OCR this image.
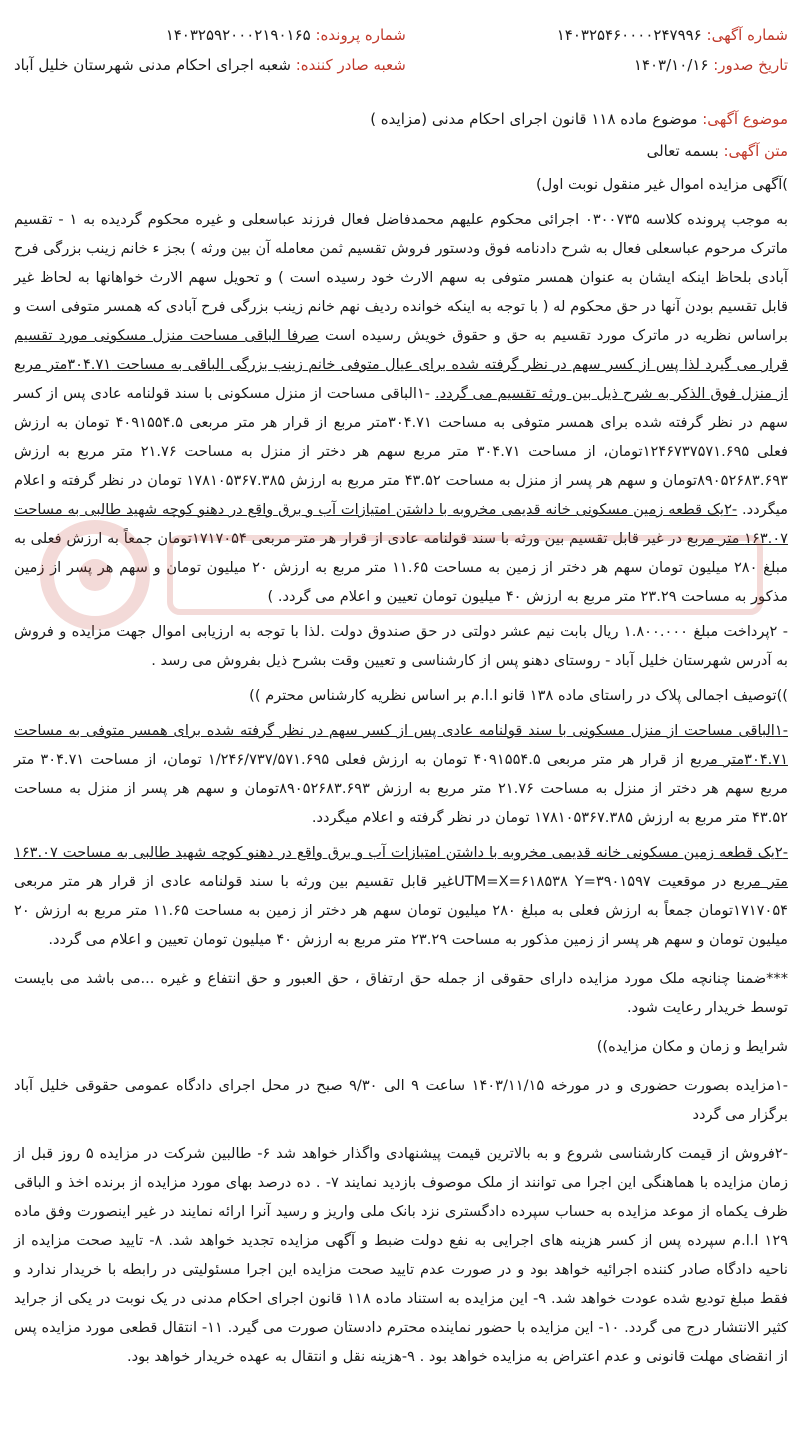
شماره آگهی: ۱۴۰۳۲۵۴۶۰۰۰۰۲۴۷۹۹۶
شماره پرونده: ۱۴۰۳۲۵۹۲۰۰۰۲۱۹۰۱۶۵
تاریخ صدور: ۱۴۰۳/۱۰/۱۶
شعبه صادر کننده: شعبه اجرای احکام مدنی شهرستان خلیل آباد
موضوع آگهی: موضوع ماده ۱۱۸ قانون اجرای احکام مدنی (مزایده )
متن آگهی: بسمه تعالی

)آگهی مزایده اموال غیر منقول نوبت اول)

به موجب پرونده کلاسه ۰۳۰۰۷۳۵ اجرائی محکوم علیهم محمدفاضل فعال فرزند عباسعلی و غیره محکوم گردیده به ۱ - تقسیم ماترک مرحوم عباسعلی فعال به شرح دادنامه فوق ودستور فروش تقسیم ثمن معامله آن بین ورثه ) بجز ء خانم زینب بزرگی فرح آبادی بلحاظ اینکه ایشان به عنوان همسر متوفی به سهم الارث خود رسیده است ) و تحویل سهم الارث خواهانها به لحاظ غیر قابل تقسیم بودن آنها در حق محکوم له ( با توجه به اینکه خوانده ردیف نهم خانم زینب بزرگی فرح آبادی که همسر متوفی است و براساس نظریه در ماترک مورد تقسیم به حق و حقوق خویش رسیده است صرفا الباقی مساحت منزل مسکونی مورد تقسیم قرار می گیرد لذا پس از کسر سهم در نظر گرفته شده برای عیال متوفی خانم زینب بزرگی الباقی به مساحت ۳۰۴.۷۱متر مربع از منزل فوق الذکر به شرح ذیل بین ورثه تقسیم می گردد. -۱الباقی مساحت از منزل مسکونی با سند قولنامه عادی پس از کسر سهم در نظر گرفته شده برای همسر متوفی به مساحت ۳۰۴.۷۱متر مربع از قرار هر متر مربعی ۴۰۹۱۵۵۴.۵ تومان به ارزش فعلی ۱۲۴۶۷۳۷۵۷۱.۶۹۵تومان، از مساحت ۳۰۴.۷۱ متر مربع سهم هر دختر از منزل به مساحت ۲۱.۷۶ متر مربع به ارزش ۸۹۰۵۲۶۸۳.۶۹۳تومان و سهم هر پسر از منزل به مساحت ۴۳.۵۲ متر مربع به ارزش ۱۷۸۱۰۵۳۶۷.۳۸۵ تومان در نظر گرفته و اعلام میگردد. -۲یک قطعه زمین مسکونی خانه قدیمی مخروبه با داشتن امتیازات آب و برق واقع در دهنو کوچه شهید طالبی به مساحت ۱۶۳.۰۷ متر مربع در غیر قابل تقسیم بین ورثه با سند قولنامه عادی از قرار هر متر مربعی ۱۷۱۷۰۵۴تومان جمعاً به ارزش فعلی به مبلغ ۲۸۰ میلیون تومان سهم هر دختر از زمین به مساحت ۱۱.۶۵ متر مربع به ارزش ۲۰ میلیون تومان و سهم هر پسر از زمین مذکور به مساحت ۲۳.۲۹ متر مربع به ارزش ۴۰ میلیون تومان تعیین و اعلام می گردد. )

- ۲پرداخت مبلغ ۱.۸۰۰.۰۰۰ ریال بابت نیم عشر دولتی در حق صندوق دولت .لذا با توجه به ارزیابی اموال جهت مزایده و فروش به آدرس شهرستان خلیل آباد - روستای دهنو پس از کارشناسی و تعیین وقت بشرح ذیل بفروش می رسد .

))توصیف اجمالی پلاک در راستای ماده ۱۳۸ قانو ا.ا.م بر اساس نظریه کارشناس محترم ))

-۱الباقی مساحت از منزل مسکونی با سند قولنامه عادی پس از کسر سهم در نظر گرفته شده برای همسر متوفی به مساحت ۳۰۴.۷۱متر مربع از قرار هر متر مربعی ۴۰۹۱۵۵۴.۵ تومان به ارزش فعلی ۱/۲۴۶/۷۳۷/۵۷۱.۶۹۵ تومان، از مساحت ۳۰۴.۷۱ متر مربع سهم هر دختر از منزل به مساحت ۲۱.۷۶ متر مربع به ارزش ۸۹۰۵۲۶۸۳.۶۹۳تومان و سهم هر پسر از منزل به مساحت ۴۳.۵۲ متر مربع به ارزش ۱۷۸۱۰۵۳۶۷.۳۸۵ تومان در نظر گرفته و اعلام میگردد.

-۲یک قطعه زمین مسکونی خانه قدیمی مخروبه با داشتن امتیازات آب و برق واقع در دهنو کوچه شهید طالبی به مساحت ۱۶۳.۰۷ متر مربع در موقعیت UTM=X=۶۱۸۵۳۸ Y=۳۹۰۱۵۹۷غیر قابل تقسیم بین ورثه با سند قولنامه عادی از قرار هر متر مربعی ۱۷۱۷۰۵۴تومان جمعاً به ارزش فعلی به مبلغ ۲۸۰ میلیون تومان سهم هر دختر از زمین به مساحت ۱۱.۶۵ متر مربع به ارزش ۲۰ میلیون تومان و سهم هر پسر از زمین مذکور به مساحت ۲۳.۲۹ متر مربع به ارزش ۴۰ میلیون تومان تعیین و اعلام می گردد.

***ضمنا چنانچه ملک مورد مزایده دارای حقوقی از جمله حق ارتفاق ، حق العبور و حق انتفاع و غیره ...می باشد می بایست توسط خریدار رعایت شود.

شرایط و زمان و مکان مزایده))

-۱مزایده بصورت حضوری و در مورخه ۱۴۰۳/۱۱/۱۵ ساعت ۹ الی ۹/۳۰ صبح در محل اجرای دادگاه عمومی حقوقی خلیل آباد برگزار می گردد

-۲فروش از قیمت کارشناسی شروع و به بالاترین قیمت پیشنهادی واگذار خواهد شد ۶- طالبین شرکت در مزایده ۵ روز قبل از زمان مزایده با هماهنگی این اجرا می توانند از ملک موصوف بازدید نمایند ۷- . ده درصد بهای مورد مزایده از برنده اخذ و الباقی ظرف یکماه از موعد مزایده به حساب سپرده دادگستری نزد بانک ملی واریز و رسید آنرا ارائه نمایند در غیر اینصورت وفق ماده ۱۲۹ ا.ا.م سپرده پس از کسر هزینه های اجرایی به نفع دولت ضبط و آگهی مزایده تجدید خواهد شد. ۸- تایید صحت مزایده از ناحیه دادگاه صادر کننده اجرائیه خواهد بود و در صورت عدم تایید صحت مزایده این اجرا مسئولیتی در رابطه با خریدار ندارد و فقط مبلغ تودیع شده عودت خواهد شد. ۹- این مزایده به استناد ماده ۱۱۸ قانون اجرای احکام مدنی در یک نوبت در یکی از جراید کثیر الانتشار درج می گردد. ۱۰- این مزایده با حضور نماینده محترم دادستان صورت می گیرد. ۱۱- انتقال قطعی مورد مزایده پس از انقضای مهلت قانونی و عدم اعتراض به مزایده خواهد بود . ۹-هزینه نقل و انتقال به عهده خریدار خواهد بود.
